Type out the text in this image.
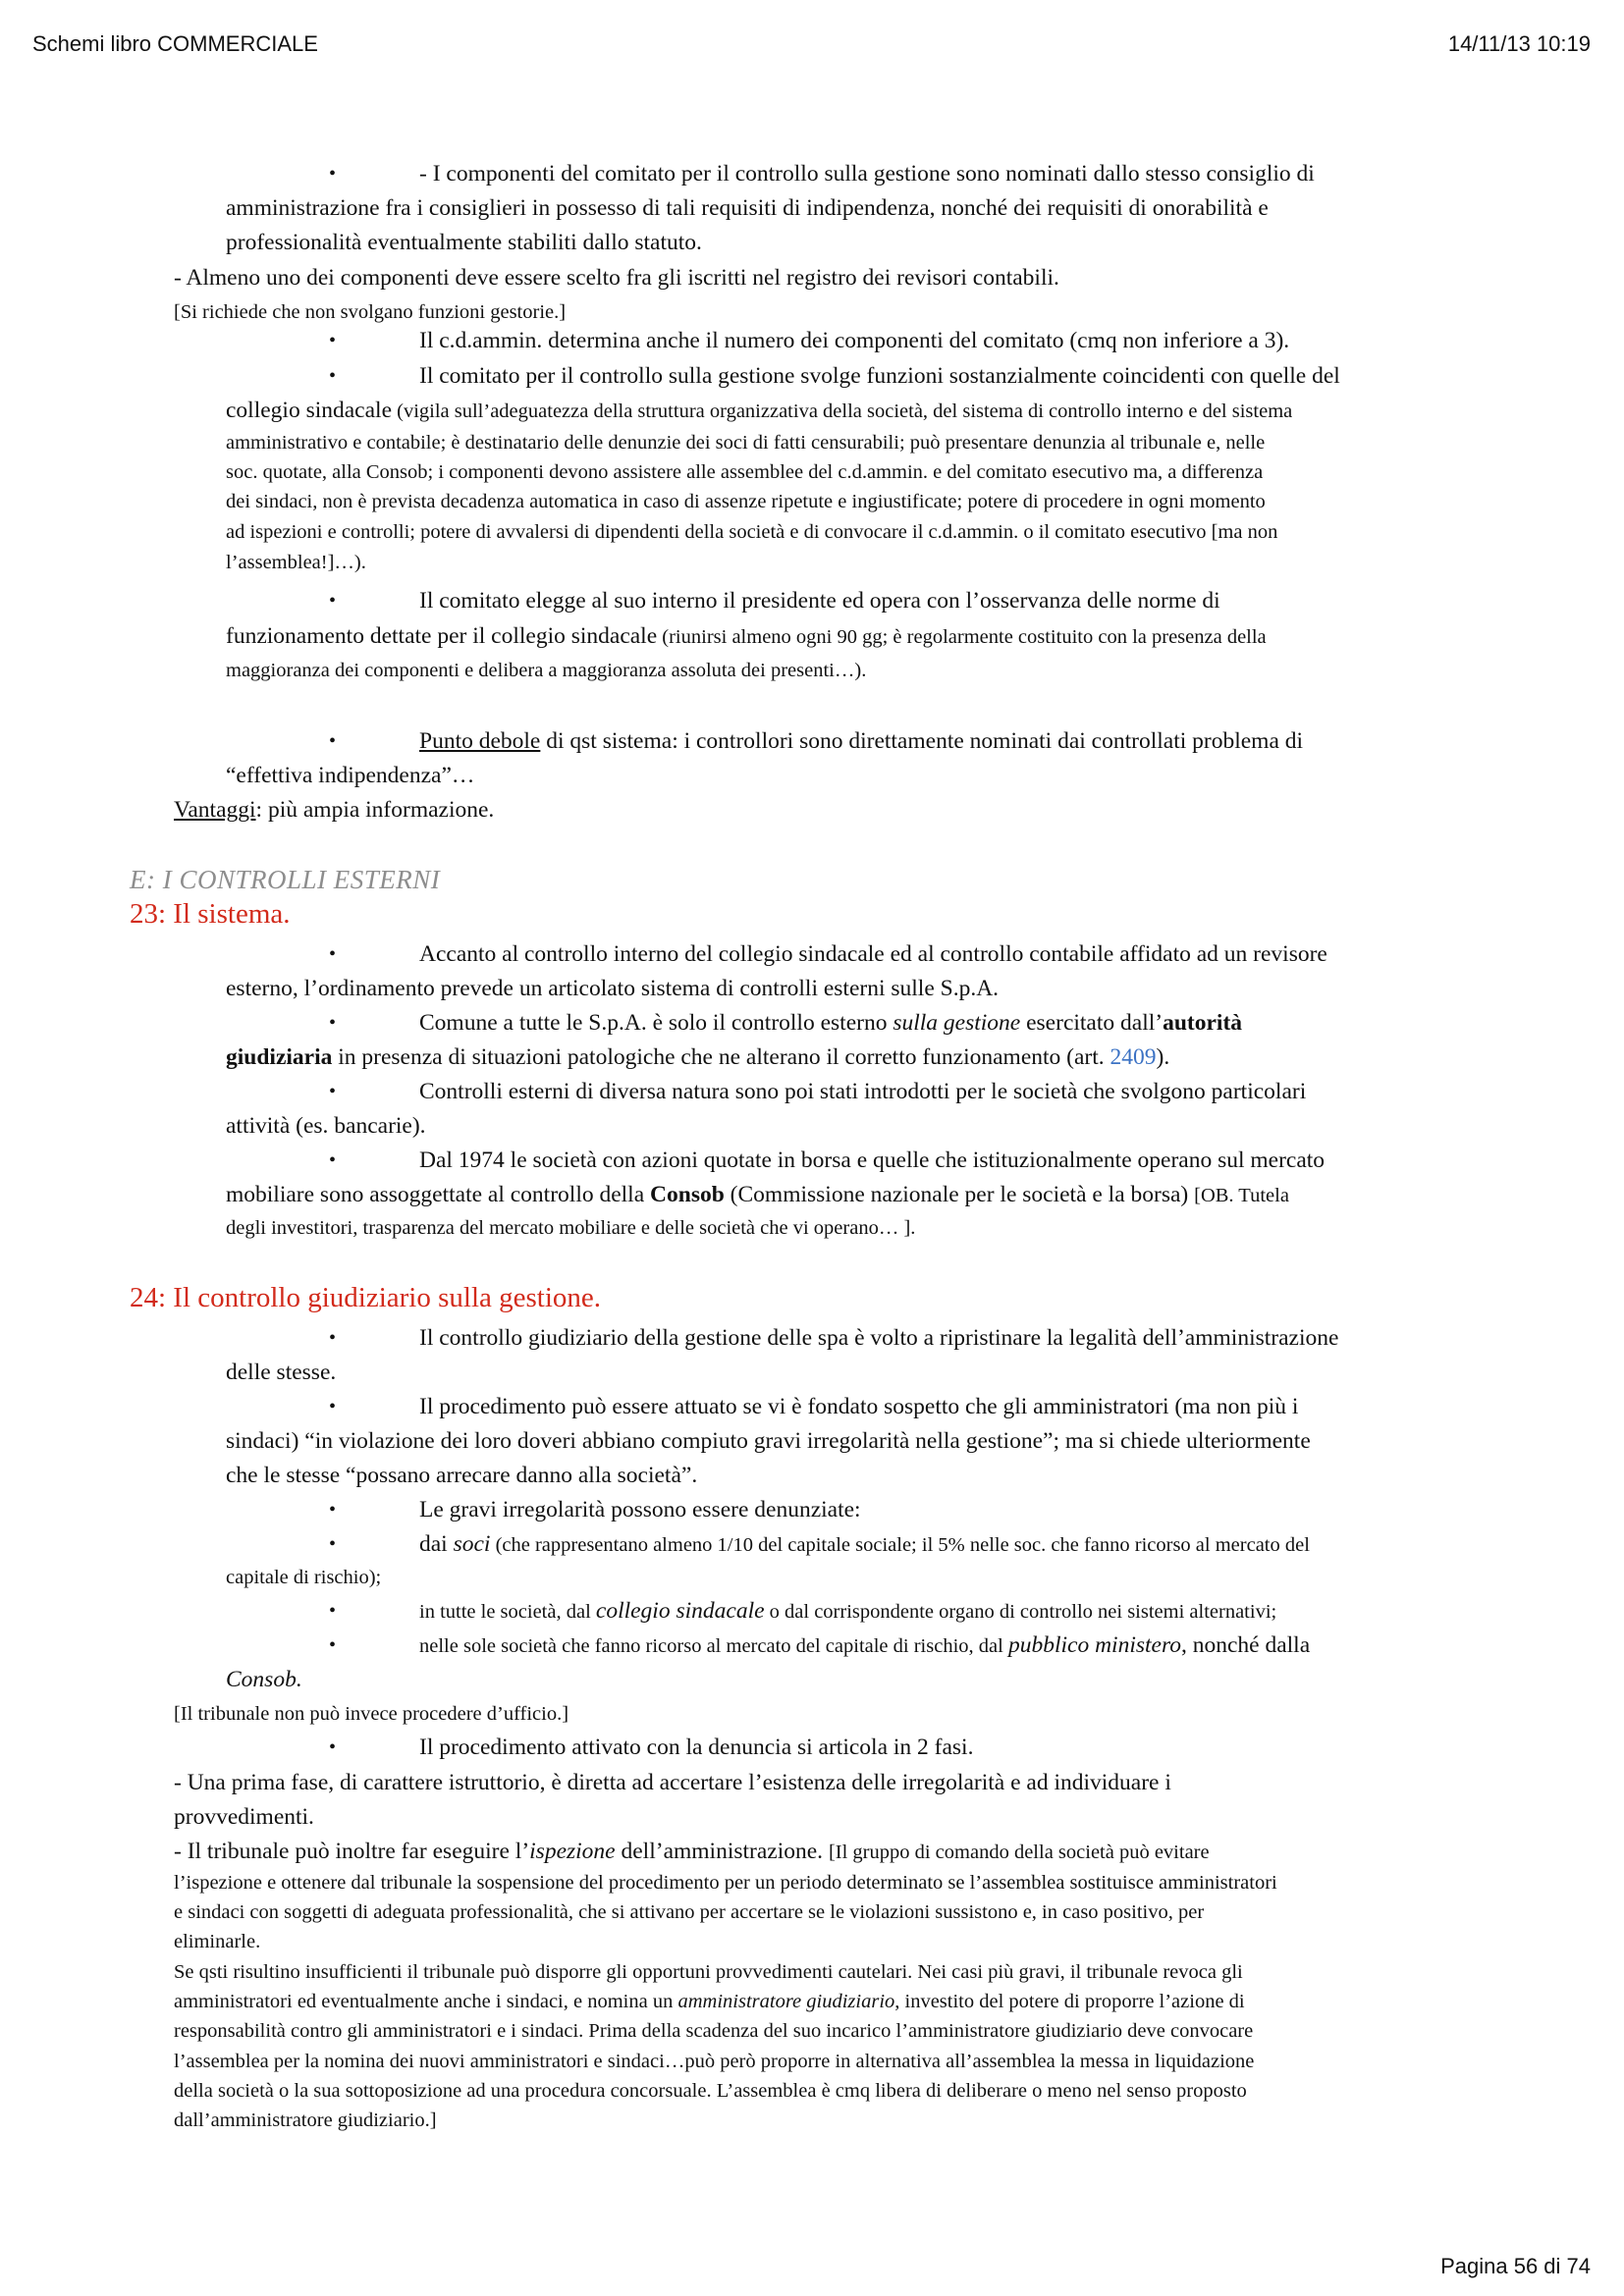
Schemi libro COMMERCIALE	14/11/13 10:19
•	- I componenti del comitato per il controllo sulla gestione sono nominati dallo stesso consiglio di
amministrazione fra i consiglieri in possesso di tali requisiti di indipendenza, nonché dei requisiti di onorabilità e
professionalità eventualmente stabiliti dallo statuto.
- Almeno uno dei componenti deve essere scelto fra gli iscritti nel registro dei revisori contabili.
[Si richiede che non svolgano funzioni gestorie.]
•	Il c.d.ammin. determina anche il numero dei componenti del comitato (cmq non inferiore a 3).
•	Il comitato per il controllo sulla gestione svolge funzioni sostanzialmente coincidenti con quelle del
collegio sindacale (vigila sull’adeguatezza della struttura organizzativa della società, del sistema di controllo interno e del sistema
amministrativo e contabile; è destinatario delle denunzie dei soci di fatti censurabili; può presentare denunzia al tribunale e, nelle
soc. quotate, alla Consob; i componenti devono assistere alle assemblee del c.d.ammin. e del comitato esecutivo ma, a differenza
dei sindaci, non è prevista decadenza automatica in caso di assenze ripetute e ingiustificate; potere di procedere in ogni momento
ad ispezioni e controlli; potere di avvalersi di dipendenti della società e di convocare il c.d.ammin. o il comitato esecutivo [ma non
l’assemblea!]…).
•	Il comitato elegge al suo interno il presidente ed opera con l’osservanza delle norme di
funzionamento dettate per il collegio sindacale (riunirsi almeno ogni 90 gg; è regolarmente costituito con la presenza della
maggioranza dei componenti e delibera a maggioranza assoluta dei presenti…).
•	Punto debole di qst sistema: i controllori sono direttamente nominati dai controllati problema di
“effettiva indipendenza”…
Vantaggi: più ampia informazione.
E: I CONTROLLI ESTERNI
23: Il sistema.
•	Accanto al controllo interno del collegio sindacale ed al controllo contabile affidato ad un revisore
esterno, l’ordinamento prevede un articolato sistema di controlli esterni sulle S.p.A.
•	Comune a tutte le S.p.A. è solo il controllo esterno sulla gestione esercitato dall’autorità
giudiziaria in presenza di situazioni patologiche che ne alterano il corretto funzionamento (art. 2409).
•	Controlli esterni di diversa natura sono poi stati introdotti per le società che svolgono particolari
attività (es. bancarie).
•	Dal 1974 le società con azioni quotate in borsa e quelle che istituzionalmente operano sul mercato
mobiliare sono assoggettate al controllo della Consob (Commissione nazionale per le società e la borsa) [OB. Tutela
degli investitori, trasparenza del mercato mobiliare e delle società che vi operano… ].
24: Il controllo giudiziario sulla gestione.
•	Il controllo giudiziario della gestione delle spa è volto a ripristinare la legalità dell’amministrazione
delle stesse.
•	Il procedimento può essere attuato se vi è fondato sospetto che gli amministratori (ma non più i
sindaci) “in violazione dei loro doveri abbiano compiuto gravi irregolarità nella gestione”; ma si chiede ulteriormente
che le stesse “possano arrecare danno alla società”.
•	Le gravi irregolarità possono essere denunziate:
•	dai soci (che rappresentano almeno 1/10 del capitale sociale; il 5% nelle soc. che fanno ricorso al mercato del
capitale di rischio);
•	in tutte le società, dal collegio sindacale o dal corrispondente organo di controllo nei sistemi alternativi;
•	nelle sole società che fanno ricorso al mercato del capitale di rischio, dal pubblico ministero, nonché dalla
Consob.
[Il tribunale non può invece procedere d’ufficio.]
•	Il procedimento attivato con la denuncia si articola in 2 fasi.
- Una prima fase, di carattere istruttorio, è diretta ad accertare l’esistenza delle irregolarità e ad individuare i
provvedimenti.
- Il tribunale può inoltre far eseguire l’ispezione dell’amministrazione. [Il gruppo di comando della società può evitare
l’ispezione e ottenere dal tribunale la sospensione del procedimento per un periodo determinato se l’assemblea sostituisce amministratori
e sindaci con soggetti di adeguata professionalità, che si attivano per accertare se le violazioni sussistono e, in caso positivo, per
eliminarle.
Se qsti risultino insufficienti il tribunale può disporre gli opportuni provvedimenti cautelari. Nei casi più gravi, il tribunale revoca gli
amministratori ed eventualmente anche i sindaci, e nomina un amministratore giudiziario, investito del potere di proporre l’azione di
responsabilità contro gli amministratori e i sindaci. Prima della scadenza del suo incarico l’amministratore giudiziario deve convocare
l’assemblea per la nomina dei nuovi amministratori e sindaci…può però proporre in alternativa all’assemblea la messa in liquidazione
della società o la sua sottoposizione ad una procedura concorsuale. L’assemblea è cmq libera di deliberare o meno nel senso proposto
dall’amministratore giudiziario.]
Pagina 56 di 74
